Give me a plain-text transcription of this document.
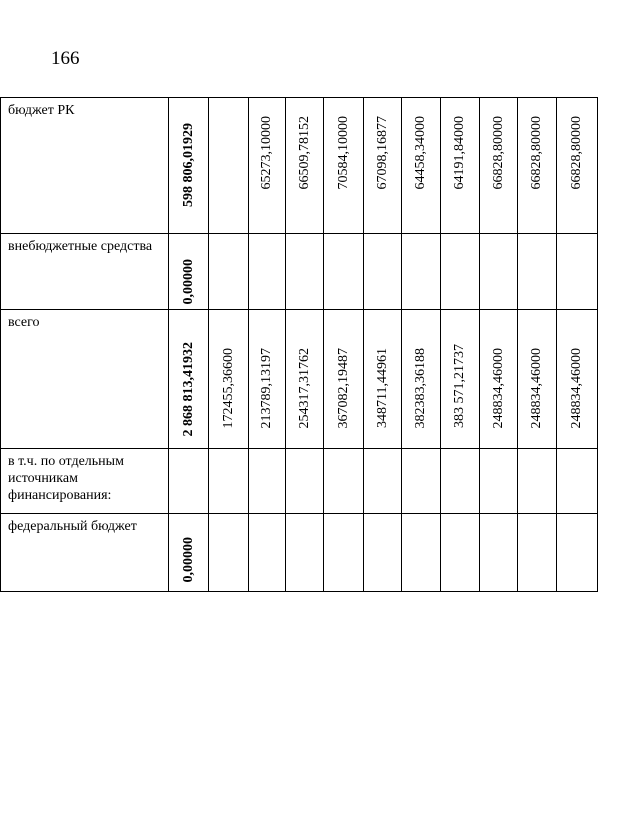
166
бюджет РК	598 806,01929		65273,10000	66509,78152	70584,10000	67098,16877	64458,34000	64191,84000	66828,80000	66828,80000	66828,80000

внебюджетные средства	0,00000										

всего	2 868 813,41932	172455,36600	213789,13197	254317,31762	367082,19487	348711,44961	382383,36188	383 571,21737	248834,46000	248834,46000	248834,46000

в т.ч. по отдельным источникам финансирования:	

федеральный бюджет	0,00000										
